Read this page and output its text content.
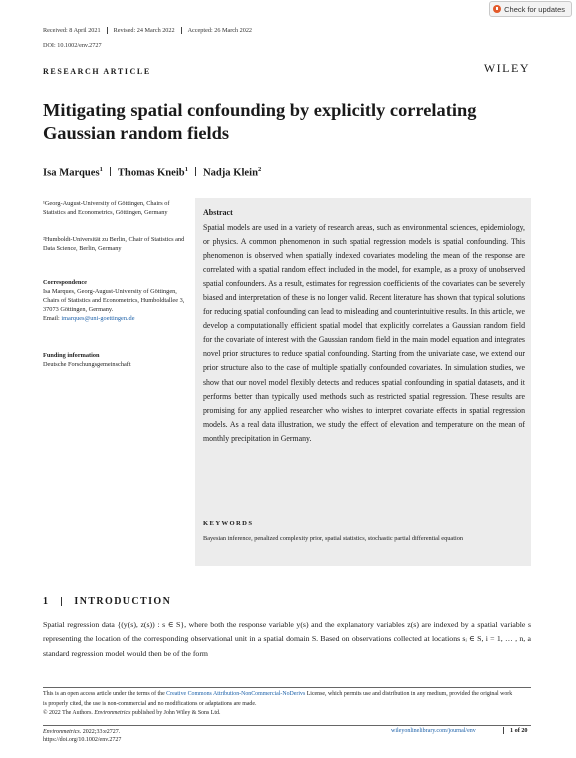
Check for updates
Received: 8 April 2021	Revised: 24 March 2022	Accepted: 26 March 2022
DOI: 10.1002/env.2727
RESEARCH ARTICLE	WILEY
Mitigating spatial confounding by explicitly correlating Gaussian random fields
Isa Marques$^1$ Thomas Kneib$^1$ Nadja Klein$^2$
¹Georg-August-University of Göttingen, Chairs of Statistics and Econometrics, Göttingen, Germany
²Humboldt-Universität zu Berlin, Chair of Statistics and Data Science, Berlin, Germany
Correspondence
Isa Marques, Georg-August-University of Göttingen, Chairs of Statistics and Econometrics, Humboldtallee 3, 37073 Göttingen, Germany.
Email: imarques@uni-goettingen.de
Funding information
Deutsche Forschungsgemeinschaft
Abstract

Spatial models are used in a variety of research areas, such as environmental sciences, epidemiology, or physics. A common phenomenon in such spatial regression models is spatial confounding. This phenomenon is observed when spatially indexed covariates modeling the mean of the response are correlated with a spatial random effect included in the model, for example, as a proxy of unobserved spatial confounders. As a result, estimates for regression coefficients of the covariates can be severely biased and interpretation of these is no longer valid. Recent literature has shown that typical solutions for reducing spatial confounding can lead to misleading and counterintuitive results. In this article, we develop a computationally efficient spatial model that explicitly correlates a Gaussian random field for the covariate of interest with the Gaussian random field in the main model equation and integrates novel prior structures to reduce spatial confounding. Starting from the univariate case, we extend our prior structure also to the case of multiple spatially confounded covariates. In simulation studies, we show that our novel model flexibly detects and reduces spatial confounding in spatial datasets, and it performs better than typically used methods such as restricted spatial regression. These results are promising for any applied researcher who wishes to interpret covariate effects in spatial regression models. As a real data illustration, we study the effect of elevation and temperature on the mean of monthly precipitation in Germany.

KEYWORDS
Bayesian inference, penalized complexity prior, spatial statistics, stochastic partial differential equation
1	INTRODUCTION

Spatial regression data {(y(s), z(s)) : s ∈ S}, where both the response variable y(s) and the explanatory variables z(s) are indexed by a spatial variable s representing the location of the corresponding observational unit in a spatial domain S. Based on observations collected at locations sᵢ ∈ S, i = 1, … , n, a standard regression model would then be of the form

This is an open access article under the terms of the Creative Commons Attribution-NonCommercial-NoDerivs License, which permits use and distribution in any medium, provided the original work is properly cited, the use is non-commercial and no modifications or adaptations are made.
© 2022 The Authors. Environmetrics published by John Wiley & Sons Ltd.
Environmetrics. 2022;33:e2727.
https://doi.org/10.1002/env.2727
wileyonlinelibrary.com/journal/env	1 of 20
